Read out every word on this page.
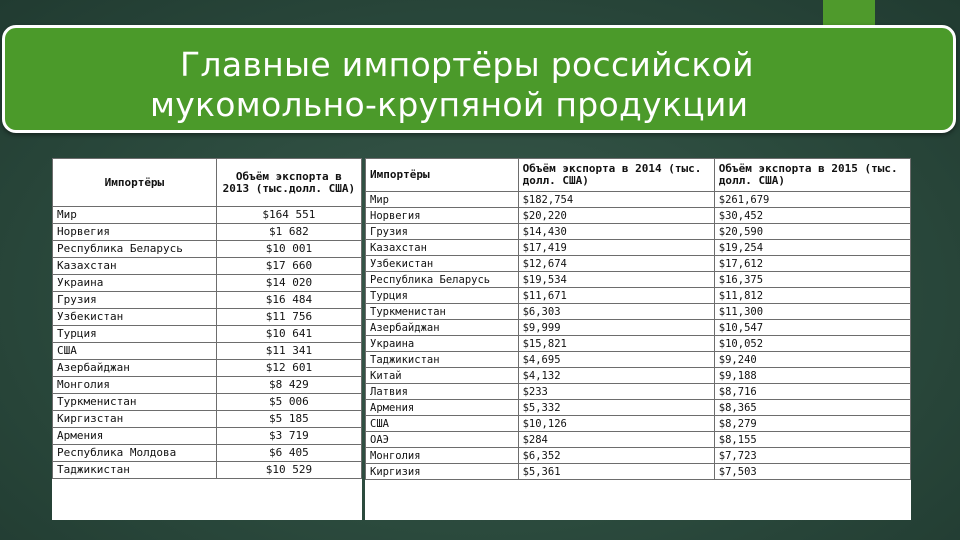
Главные импортёры российской
мукомольно-крупяной продукции
Импортёры	Объём экспорта в 2013 (тыс.долл. США)
Мир	$164 551
Норвегия	$1 682
Республика Беларусь	$10 001
Казахстан	$17 660
Украина	$14 020
Грузия	$16 484
Узбекистан	$11 756
Турция	$10 641
США	$11 341
Азербайджан	$12 601
Монголия	$8 429
Туркменистан	$5 006
Киргизстан	$5 185
Армения	$3 719
Республика Молдова	$6 405
Таджикистан	$10 529
Импортёры	Объём экспорта в 2014 (тыс. долл. США)	Объём экспорта в 2015 (тыс. долл. США)
Мир	$182,754	$261,679
Норвегия	$20,220	$30,452
Грузия	$14,430	$20,590
Казахстан	$17,419	$19,254
Узбекистан	$12,674	$17,612
Республика Беларусь	$19,534	$16,375
Турция	$11,671	$11,812
Туркменистан	$6,303	$11,300
Азербайджан	$9,999	$10,547
Украина	$15,821	$10,052
Таджикистан	$4,695	$9,240
Китай	$4,132	$9,188
Латвия	$233	$8,716
Армения	$5,332	$8,365
США	$10,126	$8,279
ОАЭ	$284	$8,155
Монголия	$6,352	$7,723
Киргизия	$5,361	$7,503
